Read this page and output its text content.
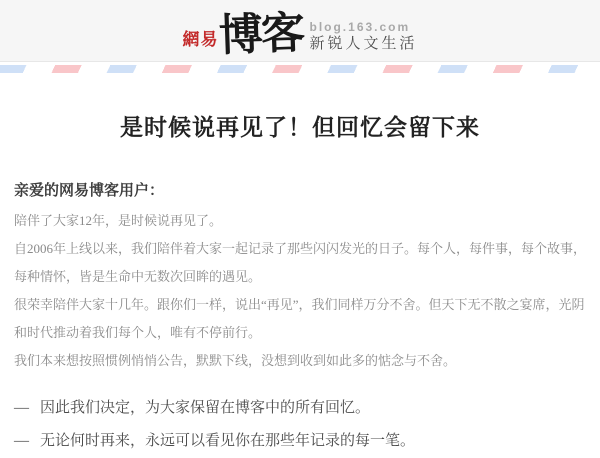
網易 博客 blog.163.com
新锐人文生活
是时候说再见了！但回忆会留下来
亲爱的网易博客用户：

陪伴了大家12年，是时候说再见了。

自2006年上线以来，我们陪伴着大家一起记录了那些闪闪发光的日子。每个人，每件事，每个故事，每种情怀，皆是生命中无数次回眸的遇见。

很荣幸陪伴大家十几年。跟你们一样，说出“再见”，我们同样万分不舍。但天下无不散之宴席，光阴和时代推动着我们每个人，唯有不停前行。

我们本来想按照惯例悄悄公告，默默下线，没想到收到如此多的惦念与不舍。

— 因此我们决定，为大家保留在博客中的所有回忆。
— 无论何时再来，永远可以看见你在那些年记录的每一笔。
